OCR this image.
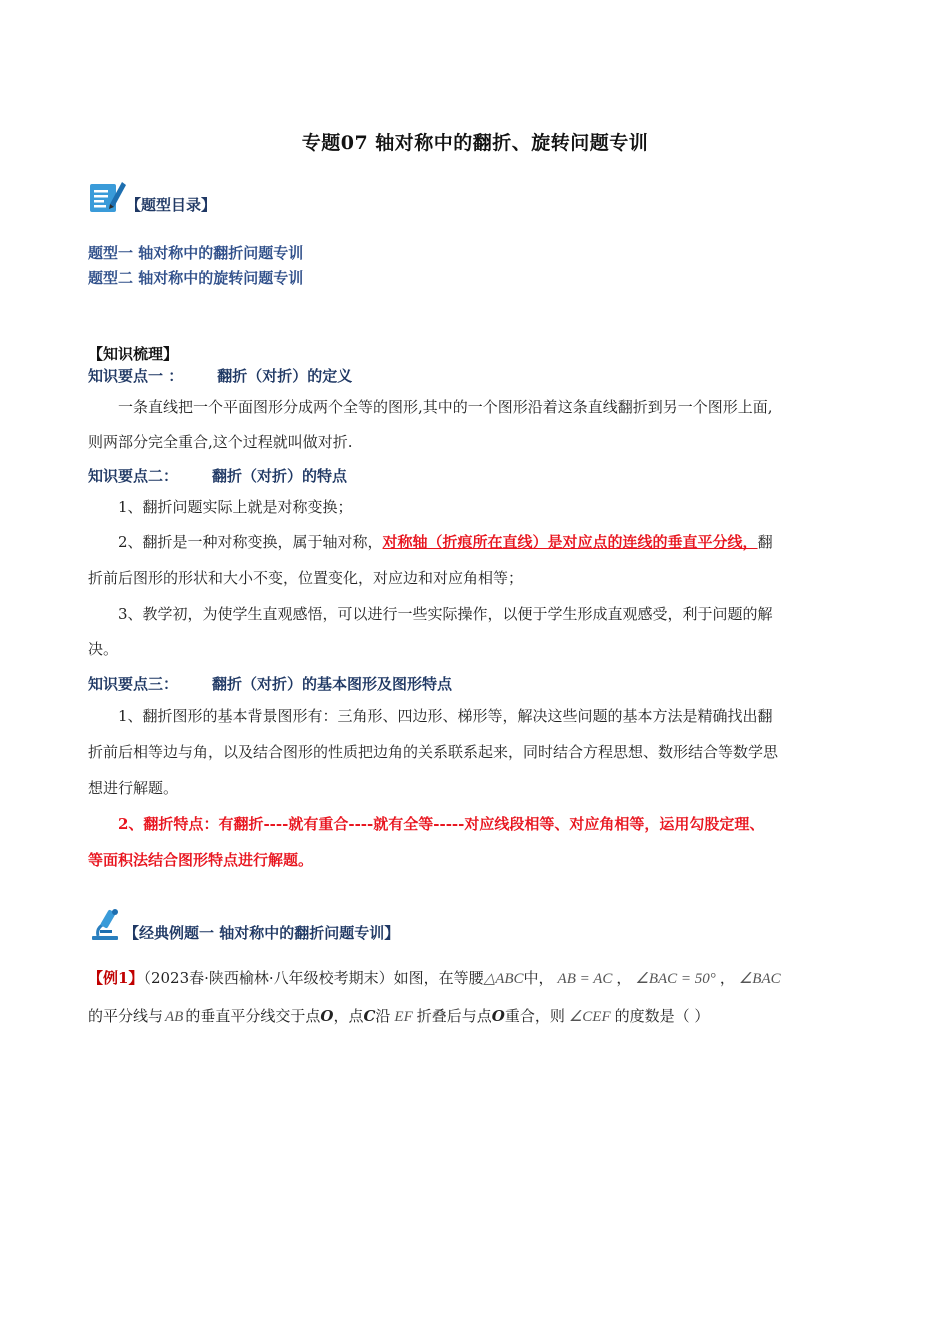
专题07 轴对称中的翻折、旋转问题专训
【题型目录】
题型一 轴对称中的翻折问题专训
题型二 轴对称中的旋转问题专训
【知识梳理】
知识要点一 ： 翻折（对折）的定义
一条直线把一个平面图形分成两个全等的图形,其中的一个图形沿着这条直线翻折到另一个图形上面,
则两部分完全重合,这个过程就叫做对折.
知识要点二： 翻折（对折）的特点
1、翻折问题实际上就是对称变换；
2、翻折是一种对称变换，属于轴对称，对称轴（折痕所在直线）是对应点的连线的垂直平分线，翻
折前后图形的形状和大小不变，位置变化，对应边和对应角相等；
3、教学初，为使学生直观感悟，可以进行一些实际操作，以便于学生形成直观感受，利于问题的解
决。
知识要点三： 翻折（对折）的基本图形及图形特点
1、翻折图形的基本背景图形有：三角形、四边形、梯形等，解决这些问题的基本方法是精确找出翻
折前后相等边与角，以及结合图形的性质把边角的关系联系起来，同时结合方程思想、数形结合等数学思
想进行解题。
2、翻折特点：有翻折----就有重合----就有全等-----对应线段相等、对应角相等，运用勾股定理、
等面积法结合图形特点进行解题。
【经典例题一 轴对称中的翻折问题专训】
【例1】（2023春·陕西榆林·八年级校考期末）如图，在等腰△ABC中， AB = AC ， ∠BAC = 50° ， ∠BAC
的平分线与 AB 的垂直平分线交于点O，点C沿 EF 折叠后与点O重合，则 ∠CEF 的度数是（ ）
